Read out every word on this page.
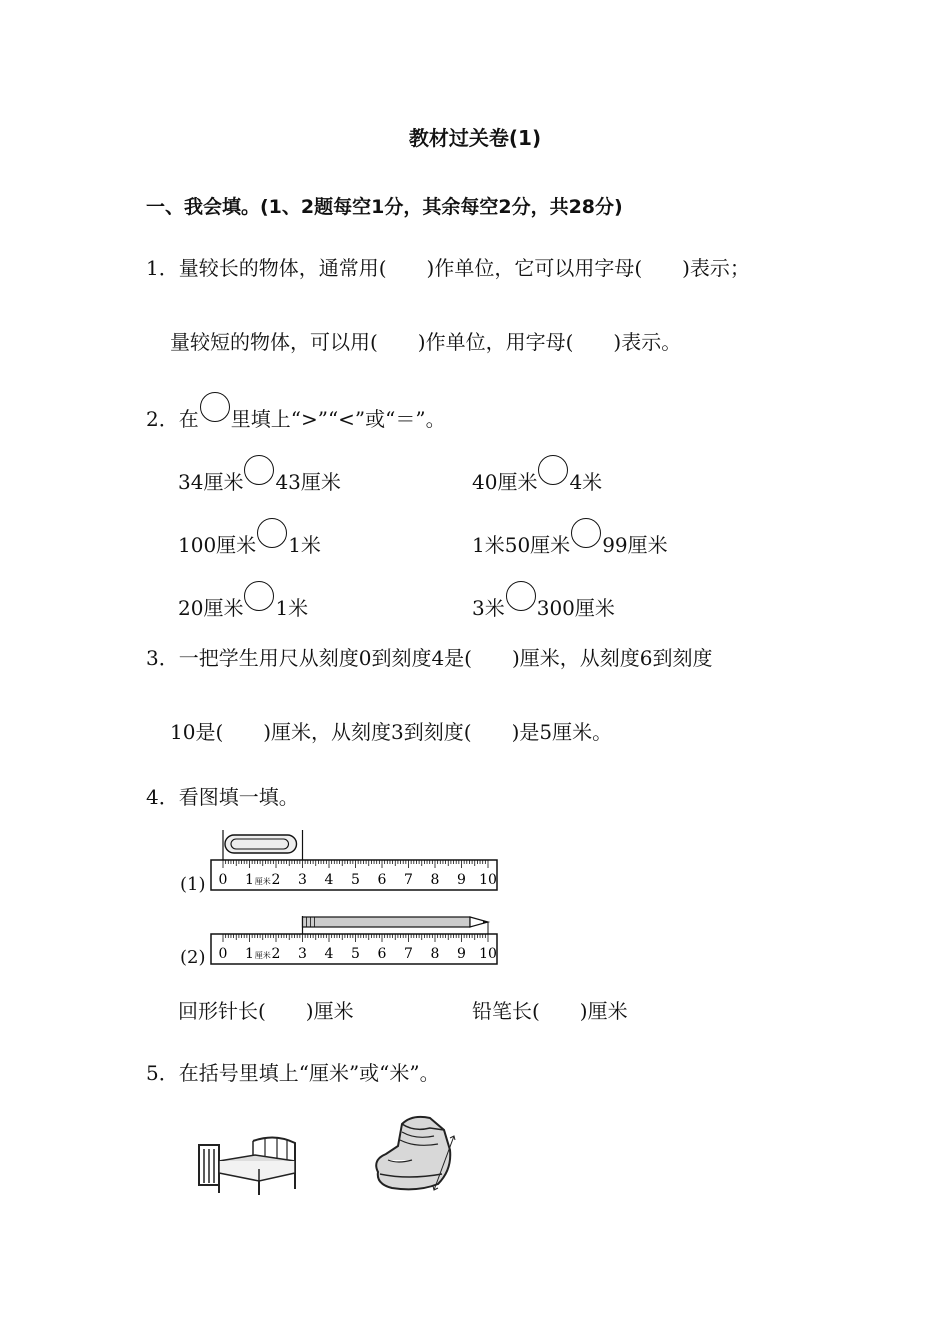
教材过关卷(1)
一、我会填。(1、2题每空1分，其余每空2分，共28分)
1．量较长的物体，通常用(　　)作单位，它可以用字母(　　)表示；
量较短的物体，可以用(　　)作单位，用字母(　　)表示。
2．在 里填上“>”“<”或“＝”。
34厘米 43厘米	40厘米 4米
100厘米 1米	1米50厘米 99厘米
20厘米 1米	3米 300厘米
3．一把学生用尺从刻度0到刻度4是(　　)厘米，从刻度6到刻度
10是(　　)厘米，从刻度3到刻度(　　)是5厘米。
4．看图填一填。
(1)
(2)
0 1 2 3 4 5 6 7 8 9 10
厘米
0 1 2 3 4 5 6 7 8 9 10
厘米
回形针长(　　)厘米	铅笔长(　　)厘米
5．在括号里填上“厘米”或“米”。
